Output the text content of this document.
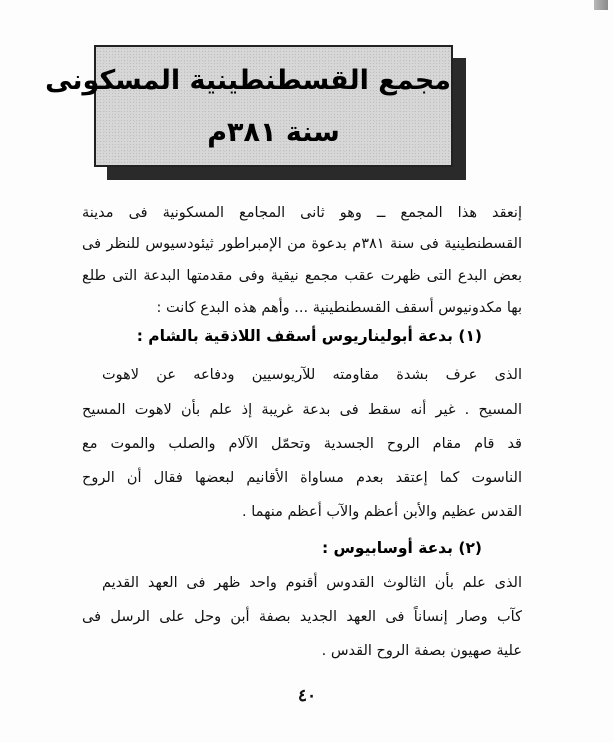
مجمع القسطنطينية المسكونى
سنة ٣٨١م
إنعقد هذا المجمع ــ وهو ثانى المجامع المسكونية فى مدينة
القسطنطينية فى سنة ٣٨١م بدعوة من الإمبراطور ثيئودسيوس للنظر فى
بعض البدع التى ظهرت عقب مجمع نيقية وفى مقدمتها البدعة التى طلع
بها مكدونيوس أسقف القسطنطينية ... وأهم هذه البدع كانت :
(١) بدعة أبوليناريوس أسقف اللاذقية بالشام :
الذى عرف بشدة مقاومته للآريوسيين ودفاعه عن لاهوت
المسيح . غير أنه سقط فى بدعة غريبة إذ علم بأن لاهوت المسيح
قد قام مقام الروح الجسدية وتحمّل الآلام والصلب والموت مع
الناسوت كما إعتقد بعدم مساواة الأقانيم لبعضها فقال أن الروح
القدس عظيم والأبن أعظم والآب أعظم منهما .
(٢) بدعة أوسابيوس :
الذى علم بأن الثالوث القدوس أقنوم واحد ظهر فى العهد القديم
كآب وصار إنساناً فى العهد الجديد بصفة أبن وحل على الرسل فى
علية صهيون بصفة الروح القدس .
٤٠
